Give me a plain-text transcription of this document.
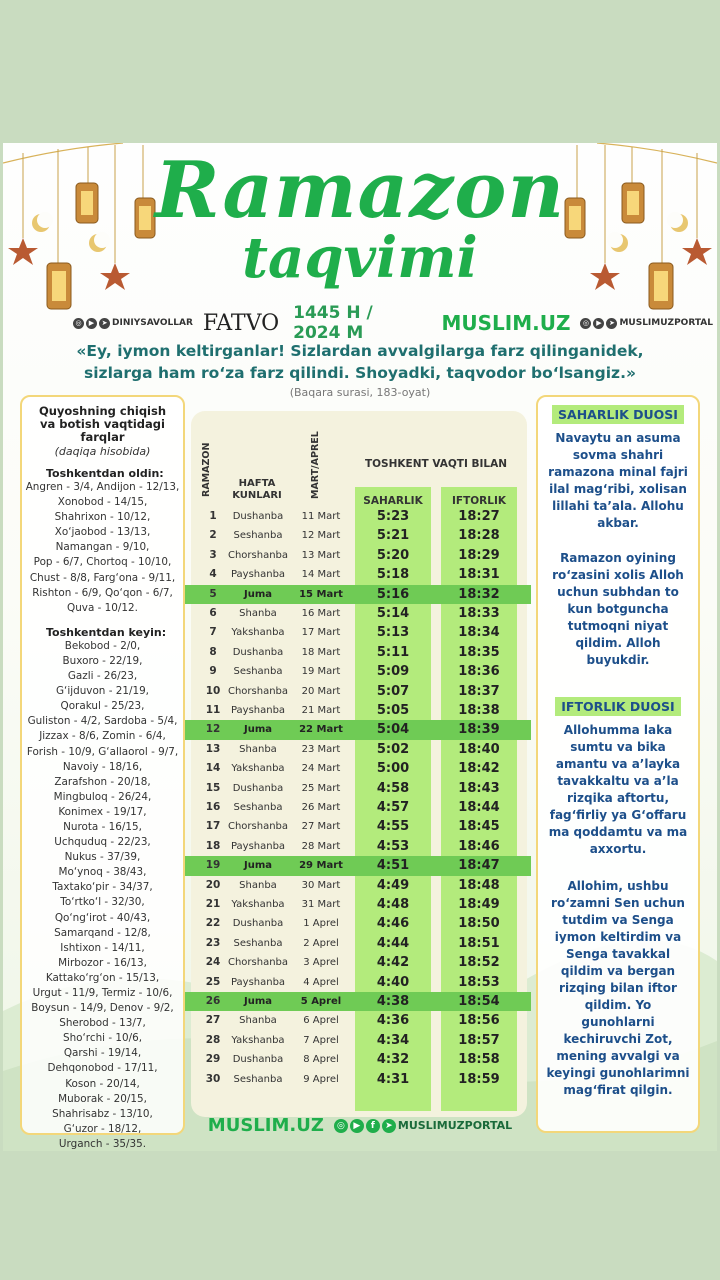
Ramazon
taqvimi
◎	▶	➤ DINIYSAVOLLAR FATVO 1445 H / 2024 M	MUSLIM.UZ	◎	▶	➤ MUSLIMUZPORTAL
«Ey, iymon keltirganlar! Sizlardan avvalgilarga farz qilinganidek,
sizlarga ham ro‘za farz qilindi. Shoyadki, taqvodor bo‘lsangiz.»
(Baqara surasi, 183-oyat)
Quyoshning chiqish
va botish vaqtidagi
farqlar
(daqiqa hisobida)
Toshkentdan oldin:
Angren - 3/4, Andijon - 12/13,
Xonobod - 14/15,
Shahrixon - 10/12,
Xo‘jaobod - 13/13,
Namangan - 9/10,
Pop - 6/7, Chortoq - 10/10,
Chust - 8/8, Farg‘ona - 9/11,
Rishton - 6/9, Qo‘qon - 6/7,
Quva - 10/12.
Toshkentdan keyin:
Bekobod - 2/0,
Buxoro - 22/19,
Gazli - 26/23,
G‘ijduvon - 21/19,
Qorakul - 25/23,
Guliston - 4/2, Sardoba - 5/4,
Jizzax - 8/6, Zomin - 6/4,
Forish - 10/9, G‘allaorol - 9/7,
Navoiy - 18/16,
Zarafshon - 20/18,
Mingbuloq - 26/24,
Konimex - 19/17,
Nurota - 16/15,
Uchquduq - 22/23,
Nukus - 37/39,
Mo‘ynoq - 38/43,
Taxtako‘pir - 34/37,
To‘rtko‘l - 32/30,
Qo‘ng‘irot - 40/43,
Samarqand - 12/8,
Ishtixon - 14/11,
Mirbozor - 16/13,
Kattako‘rg‘on - 15/13,
Urgut - 11/9, Termiz - 10/6,
Boysun - 14/9, Denov - 9/2,
Sherobod - 13/7,
Sho‘rchi - 10/6,
Qarshi - 19/14,
Dehqonobod - 17/11,
Koson - 20/14,
Muborak - 20/15,
Shahrisabz - 13/10,
G‘uzor - 18/12,
Urganch - 35/35.
RAMAZON	HAFTA KUNLARI	MART/APREL	TOSHKENT VAQTI BILAN
SAHARLIK	IFTORLIK
1	Dushanba	11 Mart	5:23	18:27
2	Seshanba	12 Mart	5:21	18:28
3	Chorshanba	13 Mart	5:20	18:29
4	Payshanba	14 Mart	5:18	18:31
5	Juma	15 Mart	5:16	18:32
6	Shanba	16 Mart	5:14	18:33
7	Yakshanba	17 Mart	5:13	18:34
8	Dushanba	18 Mart	5:11	18:35
9	Seshanba	19 Mart	5:09	18:36
10 Chorshanba	20 Mart	5:07	18:37
11	Payshanba	21 Mart	5:05	18:38
12	Juma	22 Mart	5:04	18:39
13	Shanba	23 Mart	5:02	18:40
14	Yakshanba	24 Mart	5:00	18:42
15	Dushanba	25 Mart	4:58	18:43
16	Seshanba	26 Mart	4:57	18:44
17 Chorshanba	27 Mart	4:55	18:45
18	Payshanba	28 Mart	4:53	18:46
19	Juma	29 Mart	4:51	18:47
20	Shanba	30 Mart	4:49	18:48
21	Yakshanba	31 Mart	4:48	18:49
22	Dushanba	1 Aprel	4:46	18:50
23	Seshanba	2 Aprel	4:44	18:51
24 Chorshanba	3 Aprel	4:42	18:52
25	Payshanba	4 Aprel	4:40	18:53
26	Juma	5 Aprel	4:38	18:54
27	Shanba	6 Aprel	4:36	18:56
28	Yakshanba	7 Aprel	4:34	18:57
29	Dushanba	8 Aprel	4:32	18:58
30	Seshanba	9 Aprel	4:31	18:59
SAHARLIK DUOSI
Navaytu an asuma sovma shahri ramazona minal fajri ilal mag‘ribi, xolisan lillahi ta’ala. Allohu akbar.
Ramazon oyining ro‘zasini xolis Alloh uchun subhdan to kun botguncha tutmoqni niyat qildim. Alloh buyukdir.
IFTORLIK DUOSI
Allohumma laka sumtu va bika amantu va a’layka tavakkaltu va a’la rizqika aftortu, fag‘firliy ya G‘offaru ma qoddamtu va ma axxortu.
Allohim, ushbu ro‘zamni Sen uchun tutdim va Senga iymon keltirdim va Senga tavakkal qildim va bergan rizqing bilan iftor qildim. Yo gunohlarni kechiruvchi Zot, mening avvalgi va keyingi gunohlarimni mag‘firat qilgin.
MUSLIM.UZ	◎ ▶	f	➤ MUSLIMUZPORTAL
